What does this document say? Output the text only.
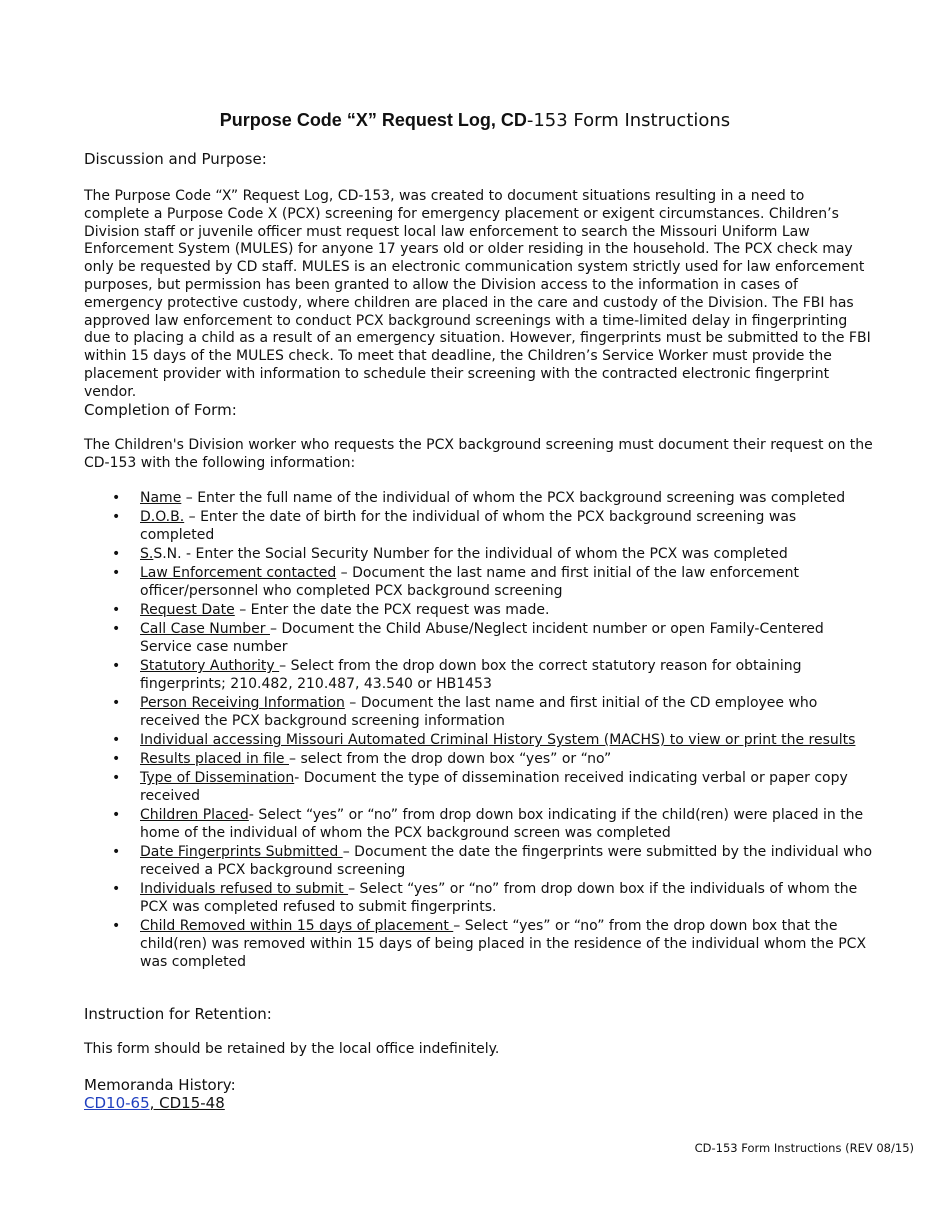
Purpose Code “X” Request Log, CD-153 Form Instructions
Discussion and Purpose:
The Purpose Code “X” Request Log, CD-153, was created to document situations resulting in a need to complete a Purpose Code X (PCX) screening for emergency placement or exigent circumstances. Children’s Division staff or juvenile officer must request local law enforcement to search the Missouri Uniform Law Enforcement System (MULES) for anyone 17 years old or older residing in the household. The PCX check may only be requested by CD staff. MULES is an electronic communication system strictly used for law enforcement purposes, but permission has been granted to allow the Division access to the information in cases of emergency protective custody, where children are placed in the care and custody of the Division. The FBI has approved law enforcement to conduct PCX background screenings with a time-limited delay in fingerprinting due to placing a child as a result of an emergency situation. However, fingerprints must be submitted to the FBI within 15 days of the MULES check. To meet that deadline, the Children’s Service Worker must provide the placement provider with information to schedule their screening with the contracted electronic fingerprint vendor.
Completion of Form:
The Children's Division worker who requests the PCX background screening must document their request on the CD-153 with the following information:
• Name – Enter the full name of the individual of whom the PCX background screening was completed
• D.O.B. – Enter the date of birth for the individual of whom the PCX background screening was completed
• S.S.N. - Enter the Social Security Number for the individual of whom the PCX was completed
• Law Enforcement contacted – Document the last name and first initial of the law enforcement officer/personnel who completed PCX background screening
• Request Date – Enter the date the PCX request was made.
• Call Case Number – Document the Child Abuse/Neglect incident number or open Family-Centered Service case number
• Statutory Authority – Select from the drop down box the correct statutory reason for obtaining fingerprints; 210.482, 210.487, 43.540 or HB1453
• Person Receiving Information – Document the last name and first initial of the CD employee who received the PCX background screening information
• Individual accessing Missouri Automated Criminal History System (MACHS) to view or print the results
• Results placed in file – select from the drop down box “yes” or “no”
• Type of Dissemination- Document the type of dissemination received indicating verbal or paper copy received
• Children Placed- Select “yes” or “no” from drop down box indicating if the child(ren) were placed in the home of the individual of whom the PCX background screen was completed
• Date Fingerprints Submitted – Document the date the fingerprints were submitted by the individual who received a PCX background screening
• Individuals refused to submit – Select “yes” or “no” from drop down box if the individuals of whom the PCX was completed refused to submit fingerprints.
• Child Removed within 15 days of placement – Select “yes” or “no” from the drop down box that the child(ren) was removed within 15 days of being placed in the residence of the individual whom the PCX was completed
Instruction for Retention:
This form should be retained by the local office indefinitely.
Memoranda History:
CD10-65, CD15-48
CD-153 Form Instructions (REV 08/15)
